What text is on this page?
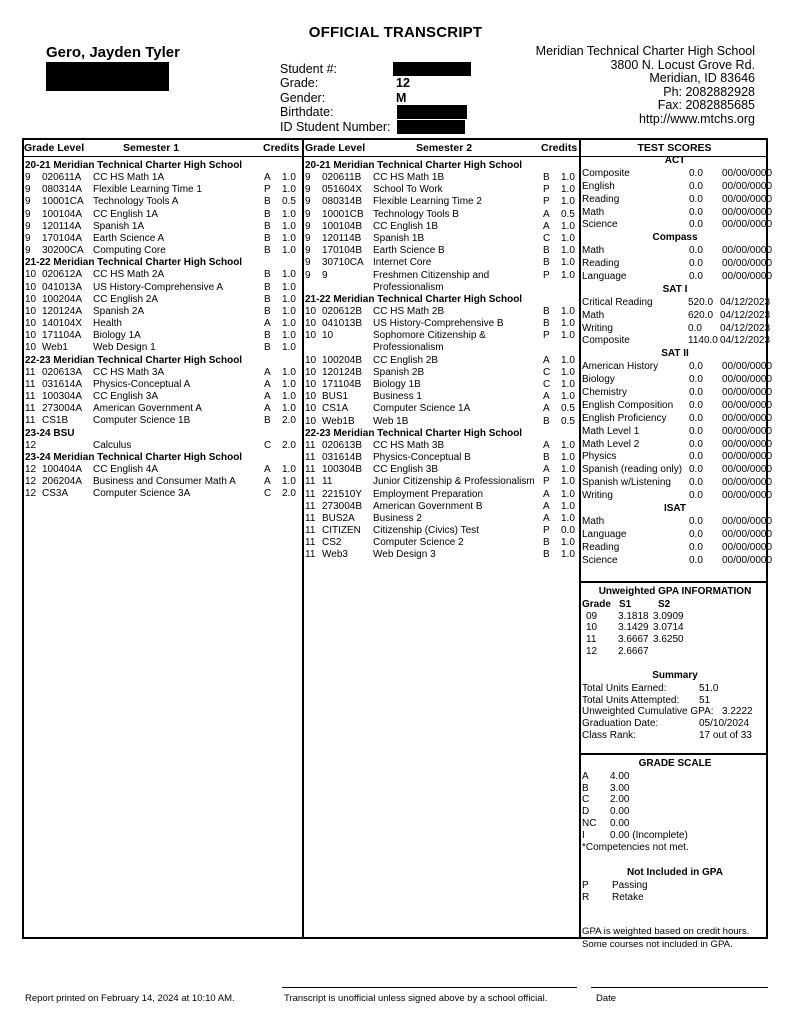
OFFICIAL TRANSCRIPT
Gero, Jayden Tyler
Student #:
Grade:	12
Gender:	M
Birthdate:
ID Student Number:
Meridian Technical Charter High School
3800 N. Locust Grove Rd.
Meridian, ID 83646
Ph: 2082882928
Fax: 2082885685
http://www.mtchs.org
Grade Level	Semester 1	Credits Grade Level	Semester 2	Credits	TEST SCORES
20-21 Meridian Technical Charter High School
9 020611A CC HS Math 1A	A 1.0
9 080314A Flexible Learning Time 1	P 1.0
9 10001CA Technology Tools A	B 0.5
9 100104A CC English 1A	B 1.0
9 120114A Spanish 1A	B 1.0
9 170104A Earth Science A	B 1.0
9 30200CA Computing Core	B 1.0
21-22 Meridian Technical Charter High School
10 020612A CC HS Math 2A	B 1.0
10 041013A US History-Comprehensive A	B 1.0
10 100204A CC English 2A	B 1.0
10 120124A Spanish 2A	B 1.0
10 140104X Health	A 1.0
10 171104A Biology 1A	B 1.0
10 Web1	Web Design 1	B 1.0
22-23 Meridian Technical Charter High School
11 020613A CC HS Math 3A	A 1.0
11 031614A Physics-Conceptual A	A 1.0
11 100304A CC English 3A	A 1.0
11 273004A American Government A	A 1.0
11 CS1B Computer Science 1B	B 2.0
23-24 BSU
12	Calculus	C 2.0
23-24 Meridian Technical Charter High School
12 100404A CC English 4A	A 1.0
12 206204A Business and Consumer Math A	A 1.0
12 CS3A Computer Science 3A	C 2.0
20-21 Meridian Technical Charter High School
9 020611B CC HS Math 1B	B 1.0
9 051604X School To Work	P 1.0
9 080314B Flexible Learning Time 2	P 1.0
9 10001CB Technology Tools B	A 0.5
9 100104B CC English 1B	A 1.0
9 120114B Spanish 1B	C 1.0
9 170104B Earth Science B	B 1.0
9 30710CA Internet Core	B 1.0
9 9	Freshmen Citizenship and
Professionalism
P 1.0
21-22 Meridian Technical Charter High School
10 020612B CC HS Math 2B	B 1.0
10 041013B US History-Comprehensive B	B 1.0
10 10	Sophomore Citizenship &
Professionalism
P 1.0
10 100204B CC English 2B	A 1.0
10 120124B Spanish 2B	C 1.0
10 171104B Biology 1B	C 1.0
10 BUS1 Business 1	A 1.0
10 CS1A Computer Science 1A	A 0.5
10 Web1B Web 1B	B 0.5
22-23 Meridian Technical Charter High School
11 020613B CC HS Math 3B	A 1.0
11 031614B Physics-Conceptual B	B 1.0
11 100304B CC English 3B	A 1.0
11 11	Junior Citizenship & Professionalism P 1.0
11 221510Y Employment Preparation	A 1.0
11 273004B American Government B	A 1.0
11 BUS2A Business 2	A 1.0
11 CITIZEN Citizenship (Civics) Test	P 0.0
11 CS2	Computer Science 2	B 1.0
11 Web3	Web Design 3	B 1.0
ACT
Composite	0.0 00/00/0000
English	0.0 00/00/0000
Reading	0.0 00/00/0000
Math	0.0 00/00/0000
Science	0.0 00/00/0000
Compass
Math	0.0 00/00/0000
Reading	0.0 00/00/0000
Language	0.0 00/00/0000
SAT I
Critical Reading	520.0 04/12/2023
Math	620.0 04/12/2023
Writing	0.0 04/12/2023
Composite	1140.0 04/12/2023
SAT II
American History	0.0 00/00/0000
Biology	0.0 00/00/0000
Chemistry	0.0 00/00/0000
English Composition 0.0 00/00/0000
English Proficiency 0.0 00/00/0000
Math Level 1	0.0 00/00/0000
Math Level 2	0.0 00/00/0000
Physics	0.0 00/00/0000
Spanish (reading only) 0.0 00/00/0000
Spanish w/Listening 0.0 00/00/0000
Writing	0.0 00/00/0000
ISAT
Math	0.0 00/00/0000
Language	0.0 00/00/0000
Reading	0.0 00/00/0000
Science	0.0 00/00/0000
Unweighted GPA INFORMATION
Grade S1	S2
09 3.1818 3.0909
10 3.1429 3.0714
11 3.6667 3.6250
12 2.6667
Summary
Total Units Earned:	51.0
Total Units Attempted: 51
Unweighted Cumulative GPA: 3.2222
Graduation Date:	05/10/2024
Class Rank:	17 out of 33
GRADE SCALE
A 4.00
B 3.00
C 2.00
D 0.00
NC 0.00
I	0.00 (Incomplete)
*Competencies not met.
Not Included in GPA
P Passing
R Retake
GPA is weighted based on credit hours.
Some courses not included in GPA.
Report printed on February 14, 2024 at 10:10 AM.	Transcript is unofficial unless signed above by a school official.	Date
